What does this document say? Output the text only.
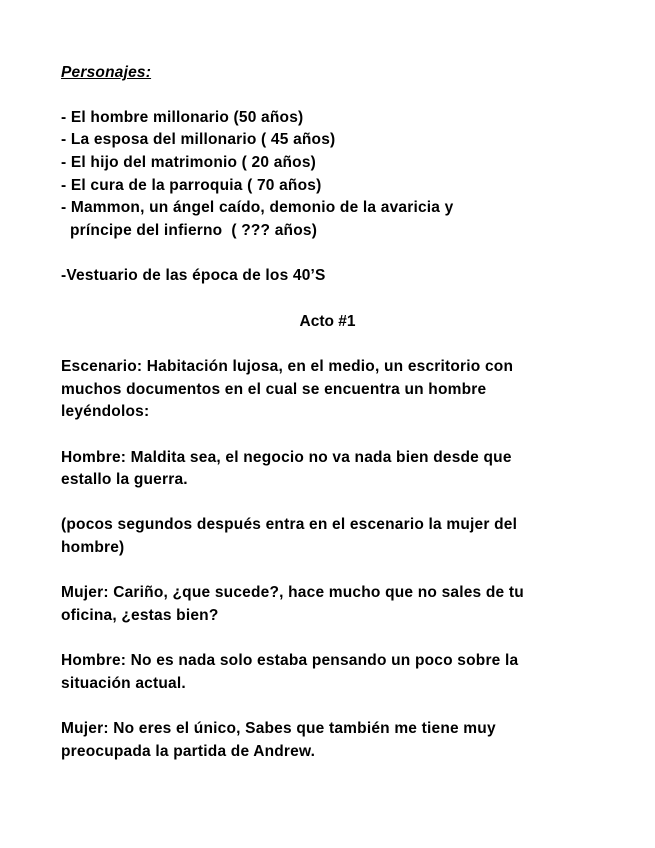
Personajes:
- El hombre millonario (50 años)
- La esposa del millonario ( 45 años)
- El hijo del matrimonio ( 20 años)
- El cura de la parroquia ( 70 años)
- Mammon, un ángel caído, demonio de la avaricia y
príncipe del infierno  ( ??? años)
-Vestuario de las época de los 40’S
Acto #1
Escenario: Habitación lujosa, en el medio, un escritorio con
muchos documentos en el cual se encuentra un hombre
leyéndolos:
Hombre: Maldita sea, el negocio no va nada bien desde que
estallo la guerra.
(pocos segundos después entra en el escenario la mujer del
hombre)
Mujer: Cariño, ¿que sucede?, hace mucho que no sales de tu
oficina, ¿estas bien?
Hombre: No es nada solo estaba pensando un poco sobre la
situación actual.
Mujer: No eres el único, Sabes que también me tiene muy
preocupada la partida de Andrew.
